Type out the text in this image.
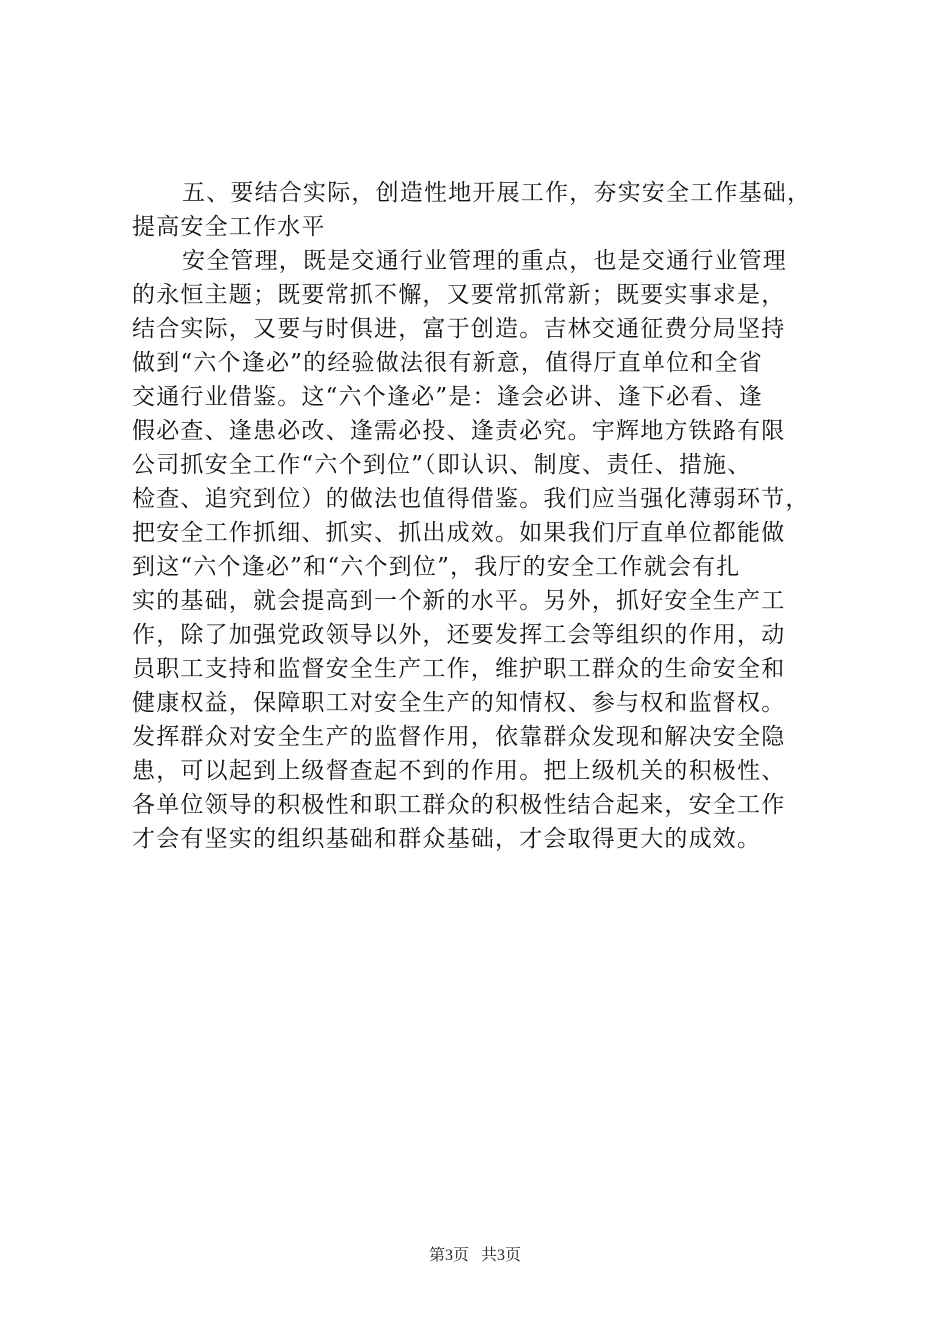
五、要结合实际，创造性地开展工作，夯实安全工作基础，
提高安全工作水平
安全管理，既是交通行业管理的重点，也是交通行业管理
的永恒主题；既要常抓不懈，又要常抓常新；既要实事求是，
结合实际，又要与时俱进，富于创造。吉林交通征费分局坚持
做到“六个逢必”的经验做法很有新意，值得厅直单位和全省
交通行业借鉴。这“六个逢必”是：逢会必讲、逢下必看、逢
假必查、逢患必改、逢需必投、逢责必究。宇辉地方铁路有限
公司抓安全工作“六个到位”（即认识、制度、责任、措施、
检查、追究到位）的做法也值得借鉴。我们应当强化薄弱环节，
把安全工作抓细、抓实、抓出成效。如果我们厅直单位都能做
到这“六个逢必”和“六个到位”，我厅的安全工作就会有扎
实的基础，就会提高到一个新的水平。另外，抓好安全生产工
作，除了加强党政领导以外，还要发挥工会等组织的作用，动
员职工支持和监督安全生产工作，维护职工群众的生命安全和
健康权益，保障职工对安全生产的知情权、参与权和监督权。
发挥群众对安全生产的监督作用，依靠群众发现和解决安全隐
患，可以起到上级督查起不到的作用。把上级机关的积极性、
各单位领导的积极性和职工群众的积极性结合起来，安全工作
才会有坚实的组织基础和群众基础，才会取得更大的成效。
第3页 共3页
